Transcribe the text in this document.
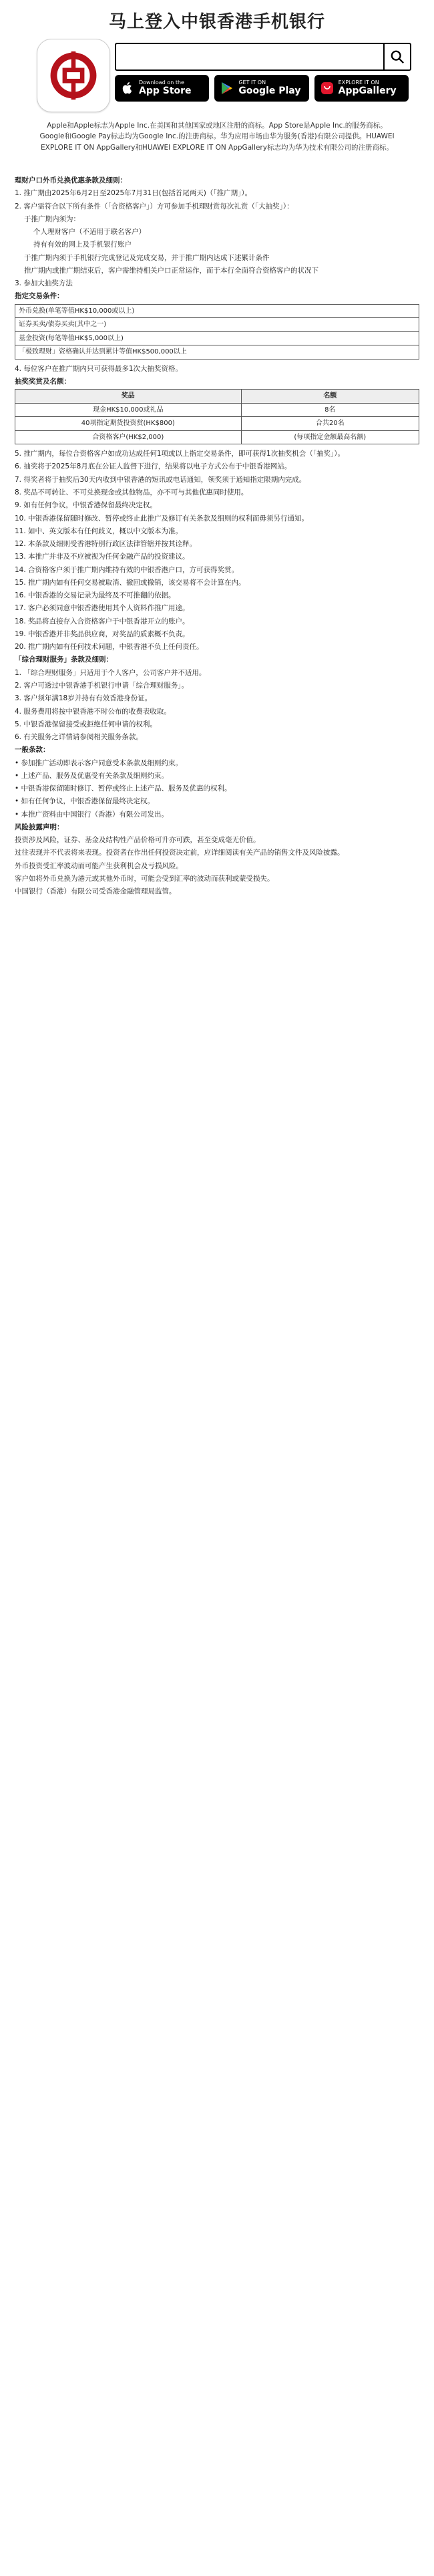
马上登入中银香港手机银行
Download on the
App Store
GET IT ON
Google Play
EXPLORE IT ON
AppGallery
Apple和Apple标志为Apple Inc.在美国和其他国家或地区注册的商标。App Store是Apple Inc.的服务商标。
Google和Google Pay标志均为Google Inc.的注册商标。华为应用市场由华为服务(香港)有限公司提供。HUAWEI
EXPLORE IT ON AppGallery和HUAWEI EXPLORE IT ON AppGallery标志均为华为技术有限公司的注册商标。

理财户口外币兑换优惠条款及细则：

1. 推广期由2025年6月2日至2025年7月31日(包括首尾两天)（「推广期」）。

2. 客户需符合以下所有条件（「合资格客户」）方可参加手机理财赏每次礼赏（「大抽奖」）：

于推广期内须为：

个人理财客户（不适用于联名客户）

持有有效的网上及手机银行账户

于推广期内须于手机银行完成登记及完成交易，并于推广期内达成下述累计条件

推广期内或推广期结束后，客户需维持相关户口正常运作，而于本行全面符合资格客户的状况下

3. 参加大抽奖方法

指定交易条件：

外币兑换(单笔等值HK$10,000或以上)
证券买卖/债券买卖(其中之一)
基金投资(每笔等值HK$5,000以上)
「极致理财」资格确认并达到累计等值HK$500,000以上

4. 每位客户在推广期内只可获得最多1次大抽奖资格。

抽奖奖赏及名额：

奖品	名额
现金HK$10,000或礼品	8名
40项指定期货投资赏(HK$800)	合共20名
合资格客户(HK$2,000)	(每项指定金额最高名额)

5. 推广期内，每位合资格客户如成功达成任何1项或以上指定交易条件，即可获得1次抽奖机会（「抽奖」）。

6. 抽奖将于2025年8月底在公证人监督下进行，结果将以电子方式公布于中银香港网站。

7. 得奖者将于抽奖后30天内收到中银香港的短讯或电话通知，领奖须于通知指定限期内完成。

8. 奖品不可转让、不可兑换现金或其他物品，亦不可与其他优惠同时使用。

9. 如有任何争议，中银香港保留最终决定权。

10. 中银香港保留随时修改、暂停或终止此推广及修订有关条款及细则的权利而毋须另行通知。

11. 如中、英文版本有任何歧义，概以中文版本为准。

12. 本条款及细则受香港特别行政区法律管辖并按其诠释。

13. 本推广并非及不应被视为任何金融产品的投资建议。

14. 合资格客户须于推广期内维持有效的中银香港户口，方可获得奖赏。

15. 推广期内如有任何交易被取消、撤回或撤销，该交易将不会计算在内。

16. 中银香港的交易记录为最终及不可推翻的依据。

17. 客户必须同意中银香港使用其个人资料作推广用途。

18. 奖品将直接存入合资格客户于中银香港开立的账户。

19. 中银香港并非奖品供应商，对奖品的质素概不负责。

20. 推广期内如有任何技术问题，中银香港不负上任何责任。

「综合理财服务」条款及细则：

1. 「综合理财服务」只适用于个人客户，公司客户并不适用。

2. 客户可透过中银香港手机银行申请「综合理财服务」。

3. 客户须年满18岁并持有有效香港身份证。

4. 服务费用将按中银香港不时公布的收费表收取。

5. 中银香港保留接受或拒绝任何申请的权利。

6. 有关服务之详情请参阅相关服务条款。

一般条款：

• 参加推广活动即表示客户同意受本条款及细则约束。

• 上述产品、服务及优惠受有关条款及细则约束。

• 中银香港保留随时修订、暂停或终止上述产品、服务及优惠的权利。

• 如有任何争议，中银香港保留最终决定权。

• 本推广资料由中国银行（香港）有限公司发出。

风险披露声明：

投资涉及风险，证券、基金及结构性产品价格可升亦可跌，甚至变成毫无价值。

过往表现并不代表将来表现。投资者在作出任何投资决定前，应详细阅读有关产品的销售文件及风险披露。

外币投资受汇率波动而可能产生获利机会及亏损风险。

客户如将外币兑换为港元或其他外币时，可能会受到汇率的波动而获利或蒙受损失。

中国银行（香港）有限公司受香港金融管理局监管。
